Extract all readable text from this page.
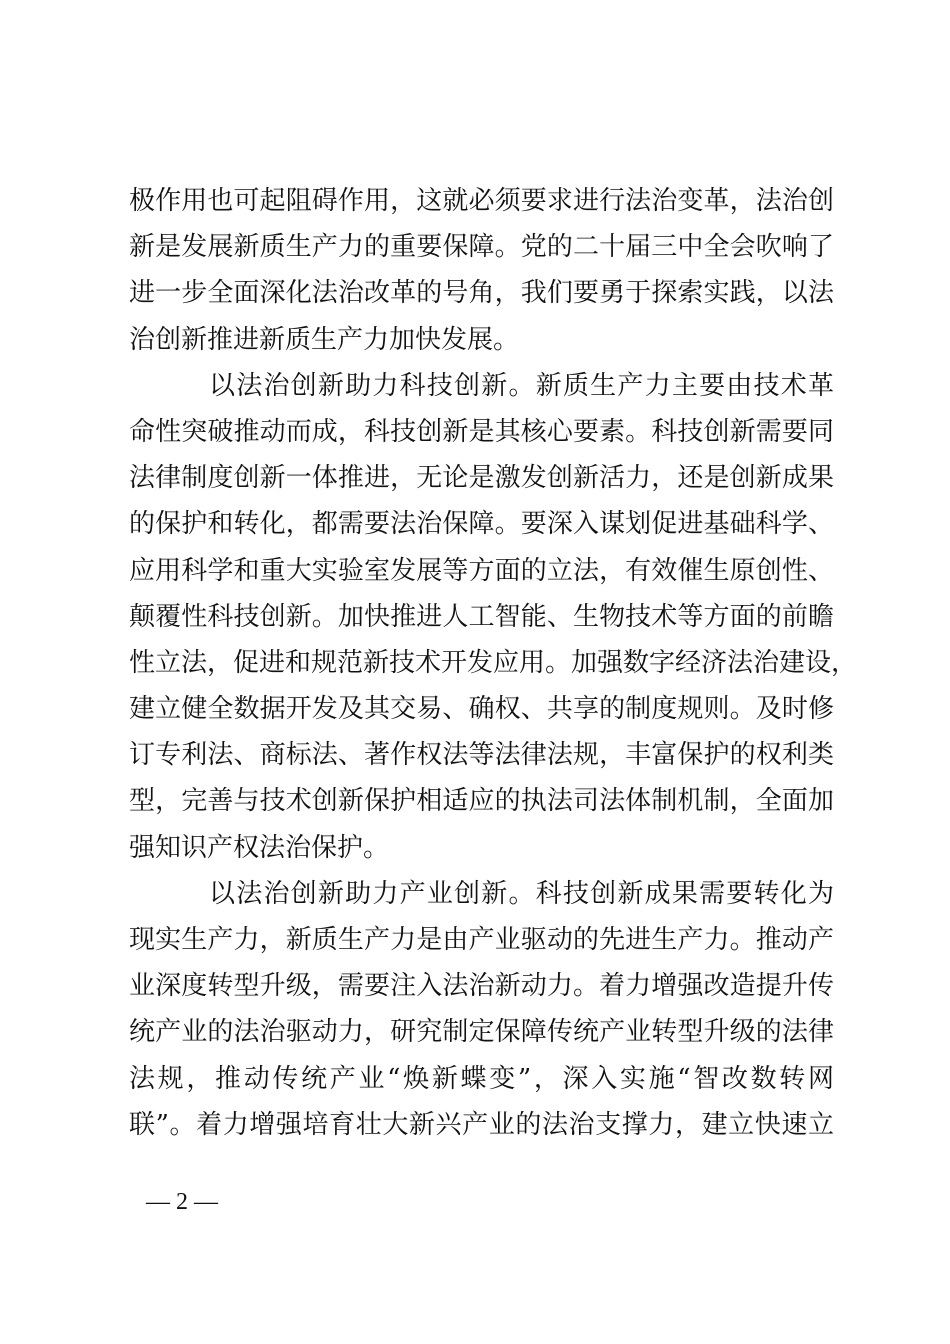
极作用也可起阻碍作用，这就必须要求进行法治变革，法治创
新是发展新质生产力的重要保障。党的二十届三中全会吹响了
进一步全面深化法治改革的号角，我们要勇于探索实践，以法
治创新推进新质生产力加快发展。
以法治创新助力科技创新。新质生产力主要由技术革
命性突破推动而成，科技创新是其核心要素。科技创新需要同
法律制度创新一体推进，无论是激发创新活力，还是创新成果
的保护和转化，都需要法治保障。要深入谋划促进基础科学、
应用科学和重大实验室发展等方面的立法，有效催生原创性、
颠覆性科技创新。加快推进人工智能、生物技术等方面的前瞻
性立法，促进和规范新技术开发应用。加强数字经济法治建设，
建立健全数据开发及其交易、确权、共享的制度规则。及时修
订专利法、商标法、著作权法等法律法规，丰富保护的权利类
型，完善与技术创新保护相适应的执法司法体制机制，全面加
强知识产权法治保护。
以法治创新助力产业创新。科技创新成果需要转化为
现实生产力，新质生产力是由产业驱动的先进生产力。推动产
业深度转型升级，需要注入法治新动力。着力增强改造提升传
统产业的法治驱动力，研究制定保障传统产业转型升级的法律
法规，推动传统产业“焕新蝶变”，深入实施“智改数转网
联”。着力增强培育壮大新兴产业的法治支撑力，建立快速立
— 2 —
